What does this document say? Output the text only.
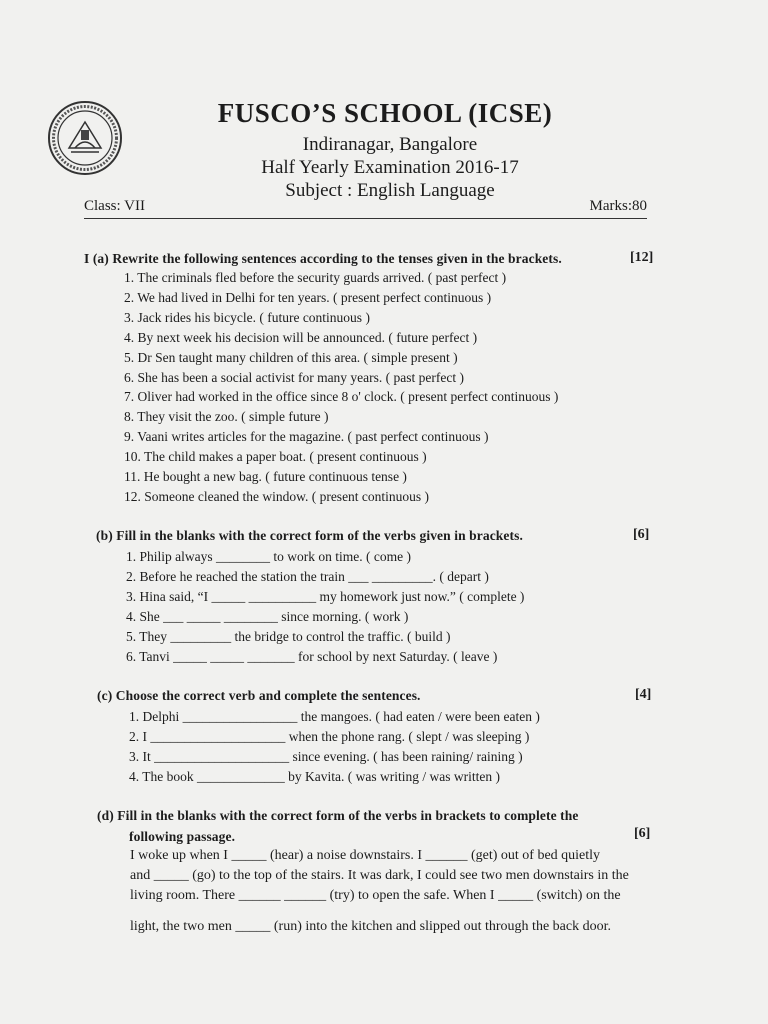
FUSCO’S SCHOOL (ICSE)
Indiranagar, Bangalore
Half Yearly Examination 2016-17
Subject : English Language
Class: VII	Marks:80
I (a) Rewrite the following sentences according to the tenses given in the brackets.	[12]
1. The criminals fled before the security guards arrived. ( past perfect )
2. We had lived in Delhi for ten years. ( present perfect continuous )
3. Jack rides his bicycle. ( future continuous )
4. By next week his decision will be announced. ( future perfect )
5. Dr Sen taught many children of this area. ( simple present )
6. She has been a social activist for many years. ( past perfect )
7. Oliver had worked in the office since 8 o' clock. ( present perfect continuous )
8. They visit the zoo. ( simple future )
9. Vaani writes articles for the magazine. ( past perfect continuous )
10. The child makes a paper boat. ( present continuous )
11. He bought a new bag. ( future continuous tense )
12. Someone cleaned the window. ( present continuous )
(b) Fill in the blanks with the correct form of the verbs given in brackets.	[6]
1. Philip always ________ to work on time. ( come )
2. Before he reached the station the train ___ _________. ( depart )
3. Hina said, “I _____ __________ my homework just now.” ( complete )
4. She ___ _____ ________ since morning. ( work )
5. They _________ the bridge to control the traffic. ( build )
6. Tanvi _____ _____ _______ for school by next Saturday. ( leave )
(c) Choose the correct verb and complete the sentences.	[4]
1. Delphi _________________ the mangoes. ( had eaten / were been eaten )
2. I ____________________ when the phone rang. ( slept / was sleeping )
3. It ____________________ since evening. ( has been raining/ raining )
4. The book _____________ by Kavita. ( was writing / was written )
(d) Fill in the blanks with the correct form of the verbs in brackets to complete the
following passage.	[6]
I woke up when I _____ (hear) a noise downstairs. I ______ (get) out of bed quietly
and _____ (go) to the top of the stairs. It was dark, I could see two men downstairs in the
living room. There ______ ______ (try) to open the safe. When I _____ (switch) on the
light, the two men _____ (run) into the kitchen and slipped out through the back door.
